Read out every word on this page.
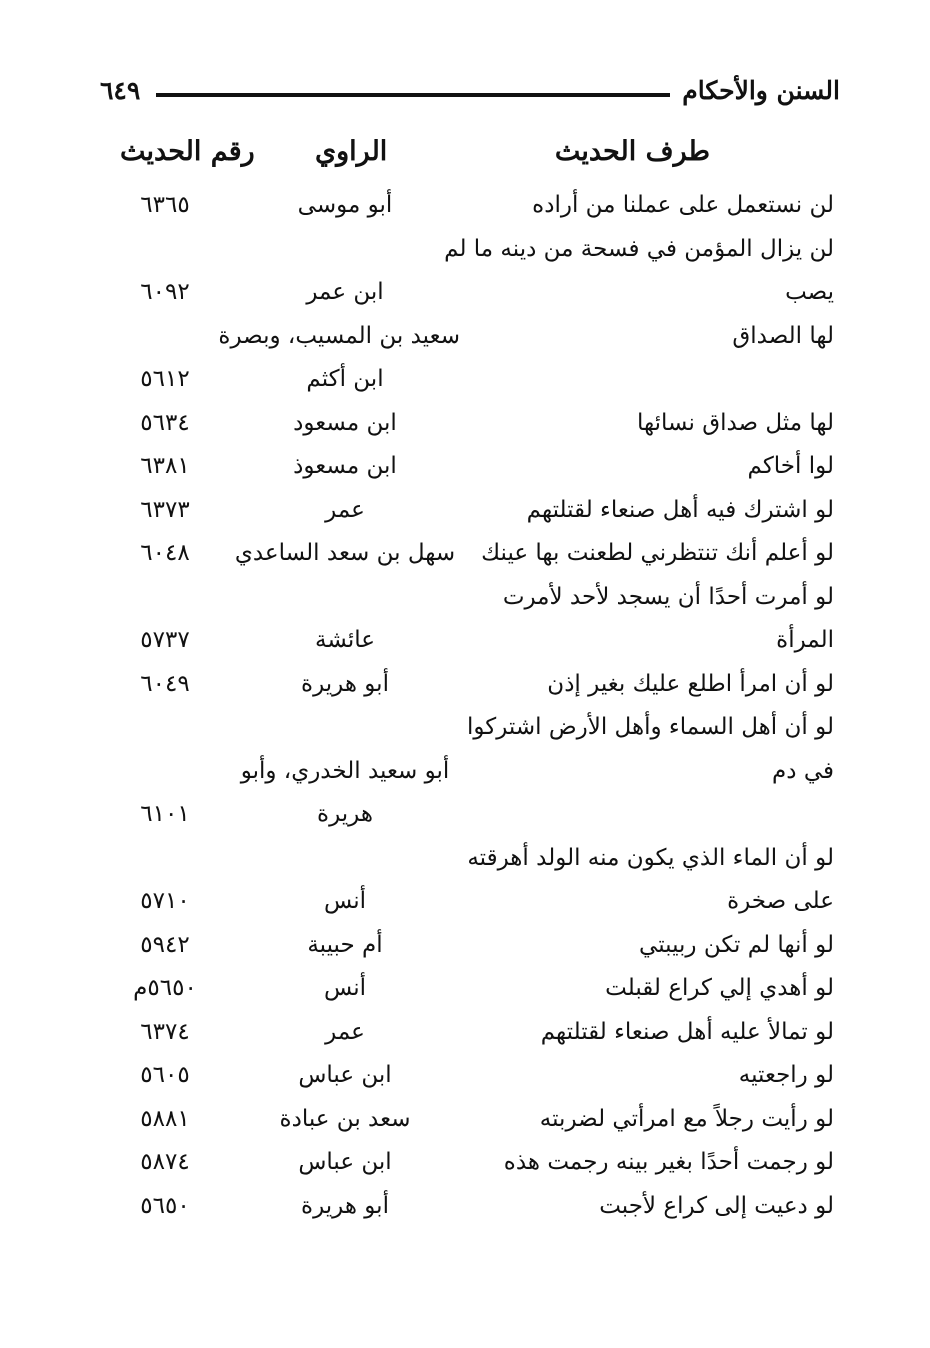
السنن والأحكام
٦٤٩
طرف الحديث
الراوي
رقم الحديث
لن نستعمل على عملنا من أراده
أبو موسى
٦٣٦٥
لن يزال المؤمن في فسحة من دينه ما لم
يصب
ابن عمر
٦٠٩٢
لها الصداق
سعيد بن المسيب، وبصرة
ابن أكثم
٥٦١٢
لها مثل صداق نسائها
ابن مسعود
٥٦٣٤
لوا أخاكم
ابن مسعوذ
٦٣٨١
لو اشترك فيه أهل صنعاء لقتلتهم
عمر
٦٣٧٣
لو أعلم أنك تنتظرني لطعنت بها عينك
سهل بن سعد الساعدي
٦٠٤٨
لو أمرت أحدًا أن يسجد لأحد لأمرت
المرأة
عائشة
٥٧٣٧
لو أن امرأ اطلع عليك بغير إذن
أبو هريرة
٦٠٤٩
لو أن أهل السماء وأهل الأرض اشتركوا
في دم
أبو سعيد الخدري، وأبو
هريرة
٦١٠١
لو أن الماء الذي يكون منه الولد أهرقته
على صخرة
أنس
٥٧١٠
لو أنها لم تكن ربيبتي
أم حبيبة
٥٩٤٢
لو أهدي إلي كراع لقبلت
أنس
٥٦٥٠م
لو تمالأ عليه أهل صنعاء لقتلتهم
عمر
٦٣٧٤
لو راجعتيه
ابن عباس
٥٦٠٥
لو رأيت رجلاً مع امرأتي لضربته
سعد بن عبادة
٥٨٨١
لو رجمت أحدًا بغير بينه رجمت هذه
ابن عباس
٥٨٧٤
لو دعيت إلى كراع لأجبت
أبو هريرة
٥٦٥٠
